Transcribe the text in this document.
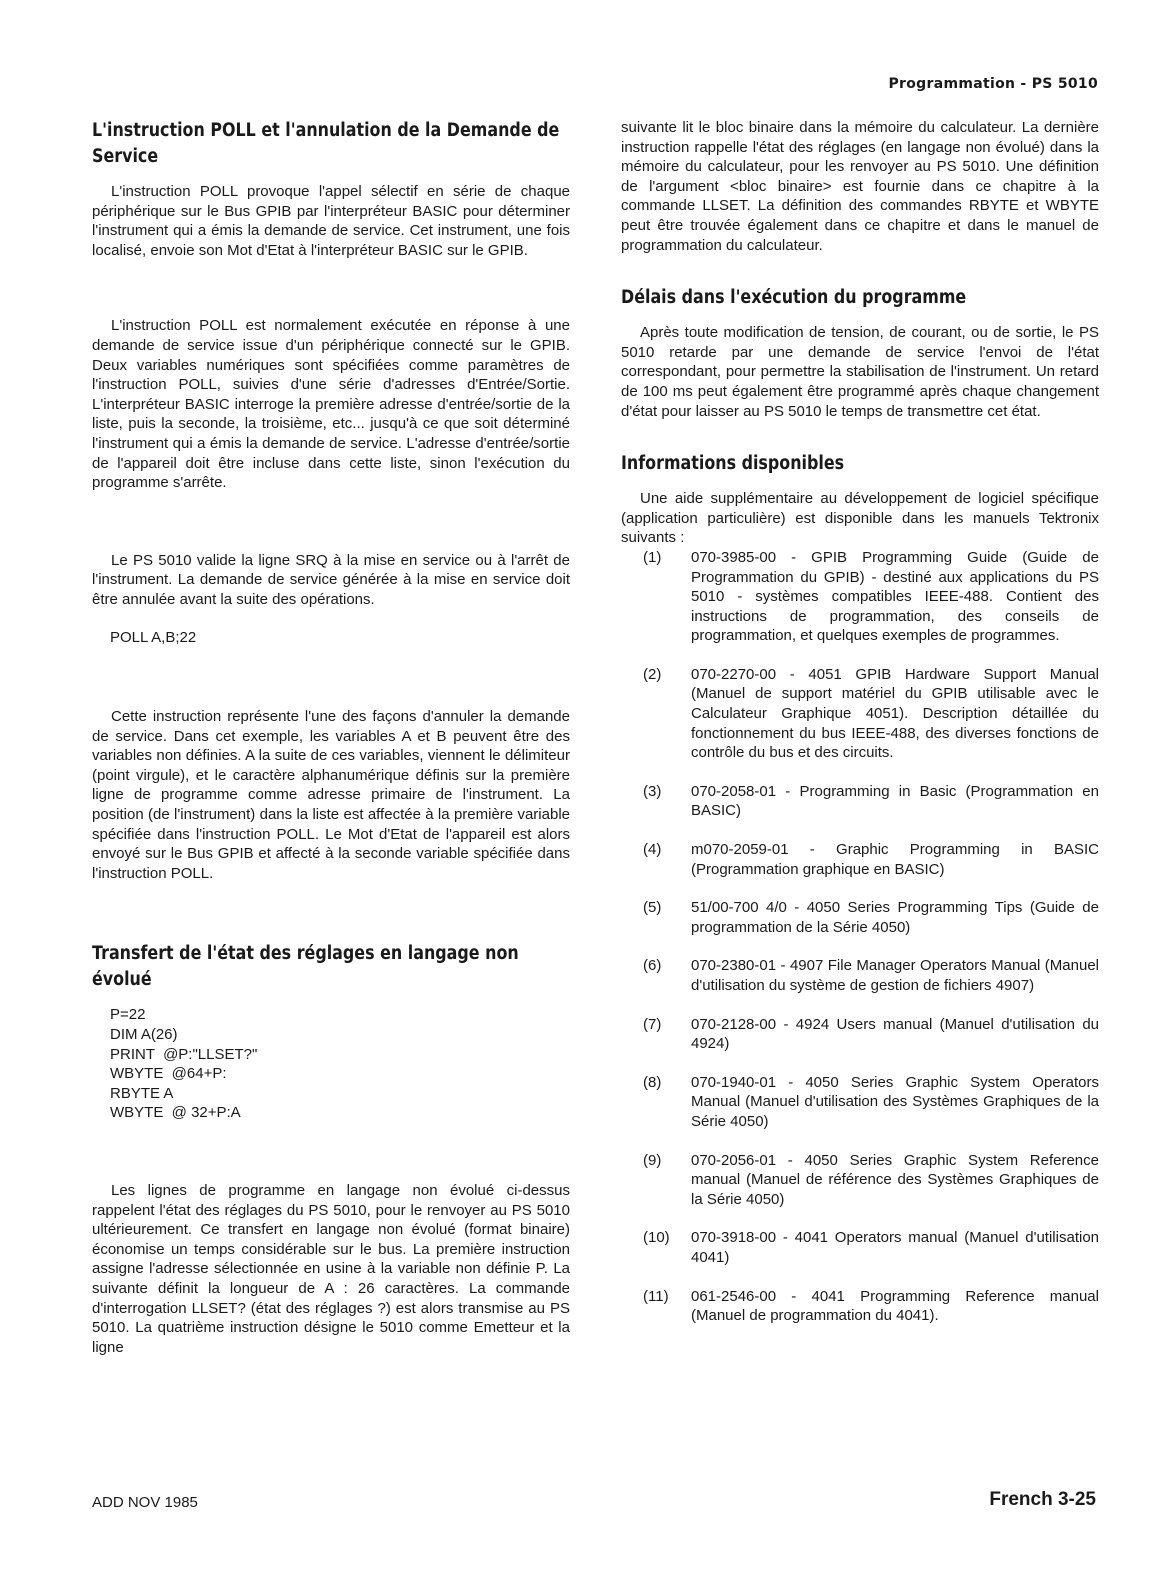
Programmation - PS 5010
L'instruction POLL et l'annulation de la Demande de Service

L'instruction POLL provoque l'appel sélectif en série de chaque périphérique sur le Bus GPIB par l'interpréteur BASIC pour déterminer l'instrument qui a émis la demande de service. Cet instrument, une fois localisé, envoie son Mot d'Etat à l'interpréteur BASIC sur le GPIB.

L'instruction POLL est normalement exécutée en réponse à une demande de service issue d'un périphérique connecté sur le GPIB. Deux variables numériques sont spécifiées comme paramètres de l'instruction POLL, suivies d'une série d'adresses d'Entrée/Sortie. L'interpréteur BASIC interroge la première adresse d'entrée/sortie de la liste, puis la seconde, la troisième, etc... jusqu'à ce que soit déterminé l'instrument qui a émis la demande de service. L'adresse d'entrée/sortie de l'appareil doit être incluse dans cette liste, sinon l'exécution du programme s'arrête.

Le PS 5010 valide la ligne SRQ à la mise en service ou à l'arrêt de l'instrument. La demande de service générée à la mise en service doit être annulée avant la suite des opérations.

POLL A,B;22

Cette instruction représente l'une des façons d'annuler la demande de service. Dans cet exemple, les variables A et B peuvent être des variables non définies. A la suite de ces variables, viennent le délimiteur (point virgule), et le caractère alphanumérique définis sur la première ligne de programme comme adresse primaire de l'instrument. La position (de l'instrument) dans la liste est affectée à la première variable spécifiée dans l'instruction POLL. Le Mot d'Etat de l'appareil est alors envoyé sur le Bus GPIB et affecté à la seconde variable spécifiée dans l'instruction POLL.

Transfert de l'état des réglages en langage non évolué
P=22
DIM A(26)
PRINT  @P:"LLSET?"
WBYTE  @64+P:
RBYTE A
WBYTE  @ 32+P:A

Les lignes de programme en langage non évolué ci-dessus rappelent l'état des réglages du PS 5010, pour le renvoyer au PS 5010 ultérieurement. Ce transfert en langage non évolué (format binaire) économise un temps considérable sur le bus. La première instruction assigne l'adresse sélectionnée en usine à la variable non définie P. La suivante définit la longueur de A : 26 caractères. La commande d'interrogation LLSET? (état des réglages ?) est alors transmise au PS 5010. La quatrième instruction désigne le 5010 comme Emetteur et la ligne

suivante lit le bloc binaire dans la mémoire du calculateur. La dernière instruction rappelle l'état des réglages (en langage non évolué) dans la mémoire du calculateur, pour les renvoyer au PS 5010. Une définition de l'argument <bloc binaire> est fournie dans ce chapitre à la commande LLSET. La définition des commandes RBYTE et WBYTE peut être trouvée également dans ce chapitre et dans le manuel de programmation du calculateur.

Délais dans l'exécution du programme

Après toute modification de tension, de courant, ou de sortie, le PS 5010 retarde par une demande de service l'envoi de l'état correspondant, pour permettre la stabilisation de l'instrument. Un retard de 100 ms peut également être programmé après chaque changement d'état pour laisser au PS 5010 le temps de transmettre cet état.

Informations disponibles

Une aide supplémentaire au développement de logiciel spécifique (application particulière) est disponible dans les manuels Tektronix suivants :

(1)	070-3985-00 - GPIB Programming Guide (Guide de Programmation du GPIB) - destiné aux applications du PS 5010 - systèmes compatibles IEEE-488. Contient des instructions de programmation, des conseils de programmation, et quelques exemples de programmes.
(2)	070-2270-00 - 4051 GPIB Hardware Support Manual (Manuel de support matériel du GPIB utilisable avec le Calculateur Graphique 4051). Description détaillée du fonctionnement du bus IEEE-488, des diverses fonctions de contrôle du bus et des circuits.
(3)	070-2058-01 - Programming in Basic (Programmation en BASIC)
(4)	m070-2059-01 - Graphic Programming in BASIC (Programmation graphique en BASIC)
(5)	51/00-700 4/0 - 4050 Series Programming Tips (Guide de programmation de la Série 4050)
(6)	070-2380-01 - 4907 File Manager Operators Manual (Manuel d'utilisation du système de gestion de fichiers 4907)
(7)	070-2128-00 - 4924 Users manual (Manuel d'utilisation du 4924)
(8)	070-1940-01 - 4050 Series Graphic System Operators Manual (Manuel d'utilisation des Systèmes Graphiques de la Série 4050)
(9)	070-2056-01 - 4050 Series Graphic System Reference manual (Manuel de référence des Systèmes Graphiques de la Série 4050)
(10)	070-3918-00 - 4041 Operators manual (Manuel d'utilisation 4041)
(11)	061-2546-00 - 4041 Programming Reference manual (Manuel de programmation du 4041).
ADD NOV 1985	French 3-25
